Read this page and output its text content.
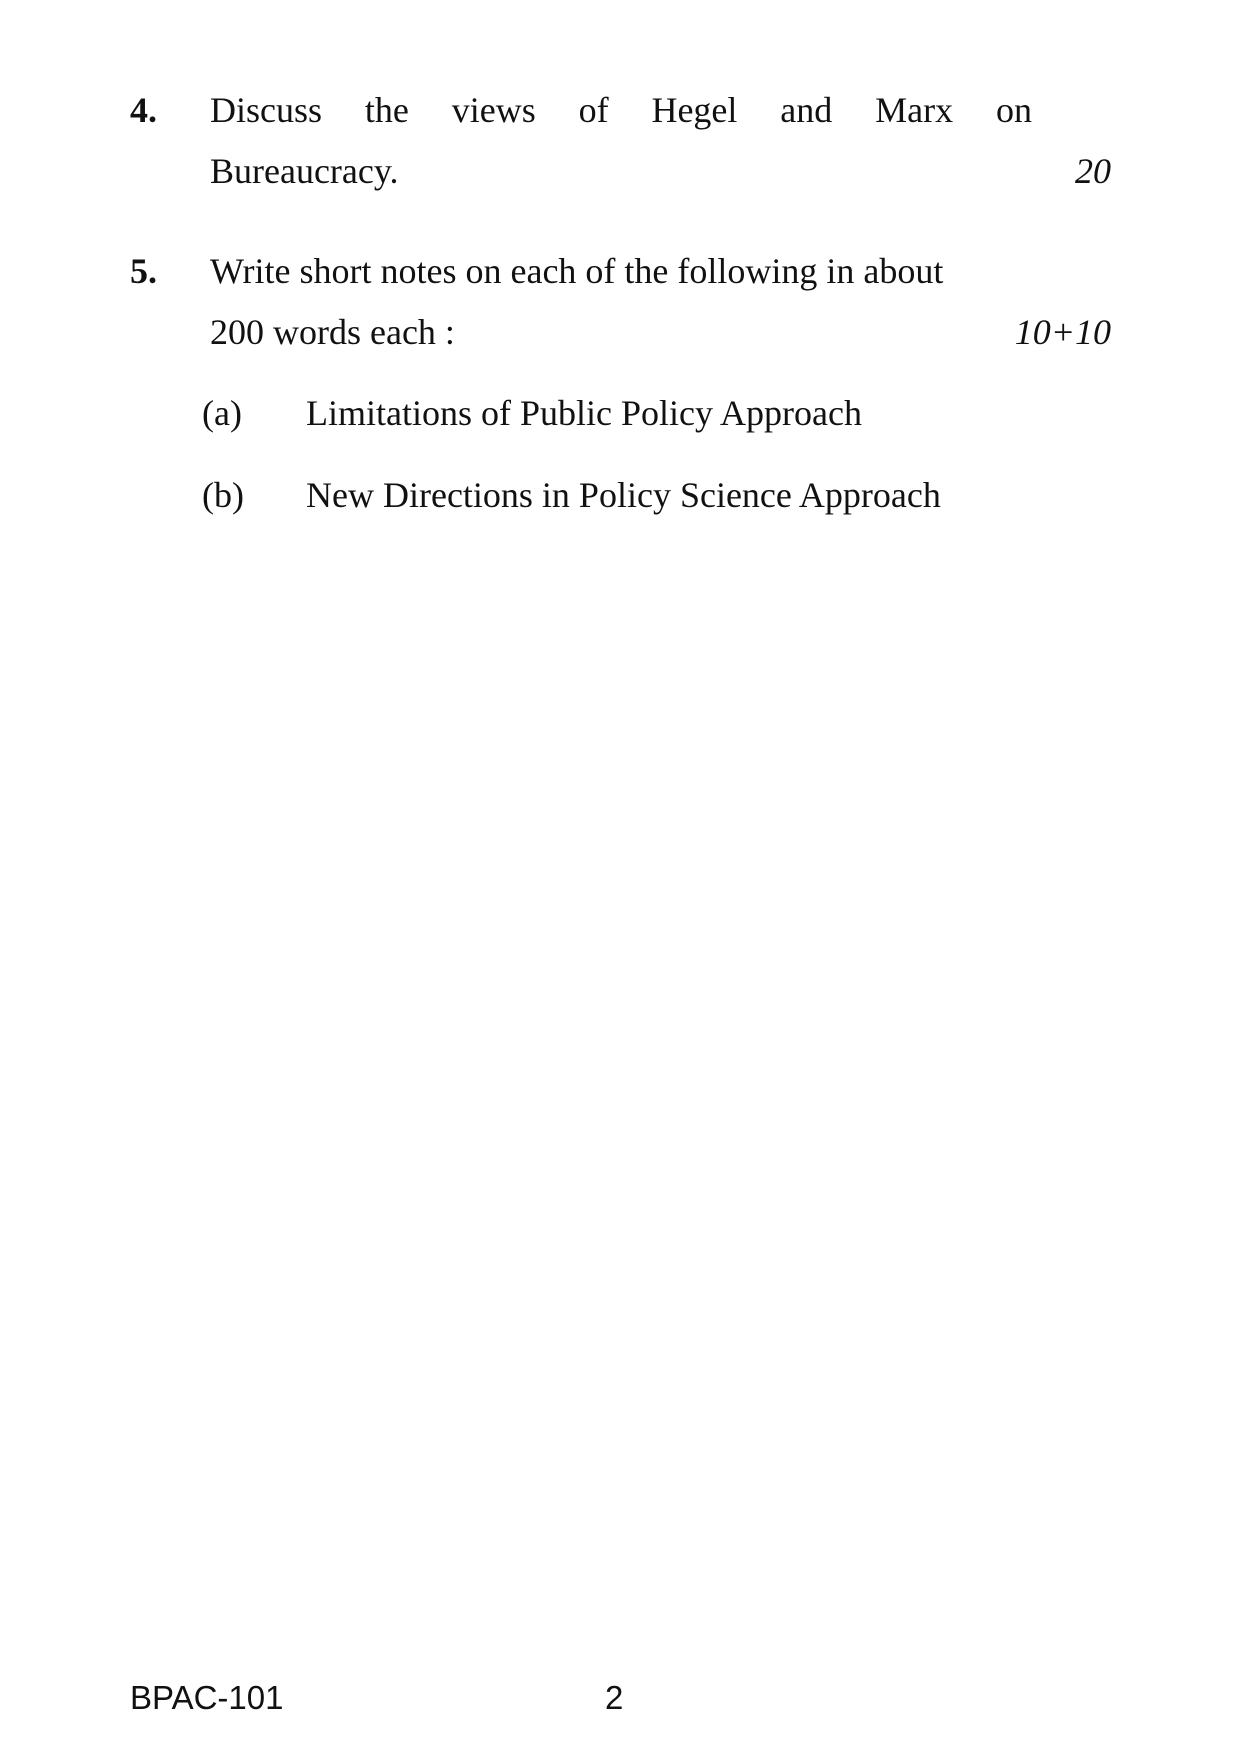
4. Discuss the views of Hegel and Marx on
Bureaucracy.	20
5. Write short notes on each of the following in about
200 words each :	10+10
(a) Limitations of Public Policy Approach
(b) New Directions in Policy Science Approach
BPAC-101	2
